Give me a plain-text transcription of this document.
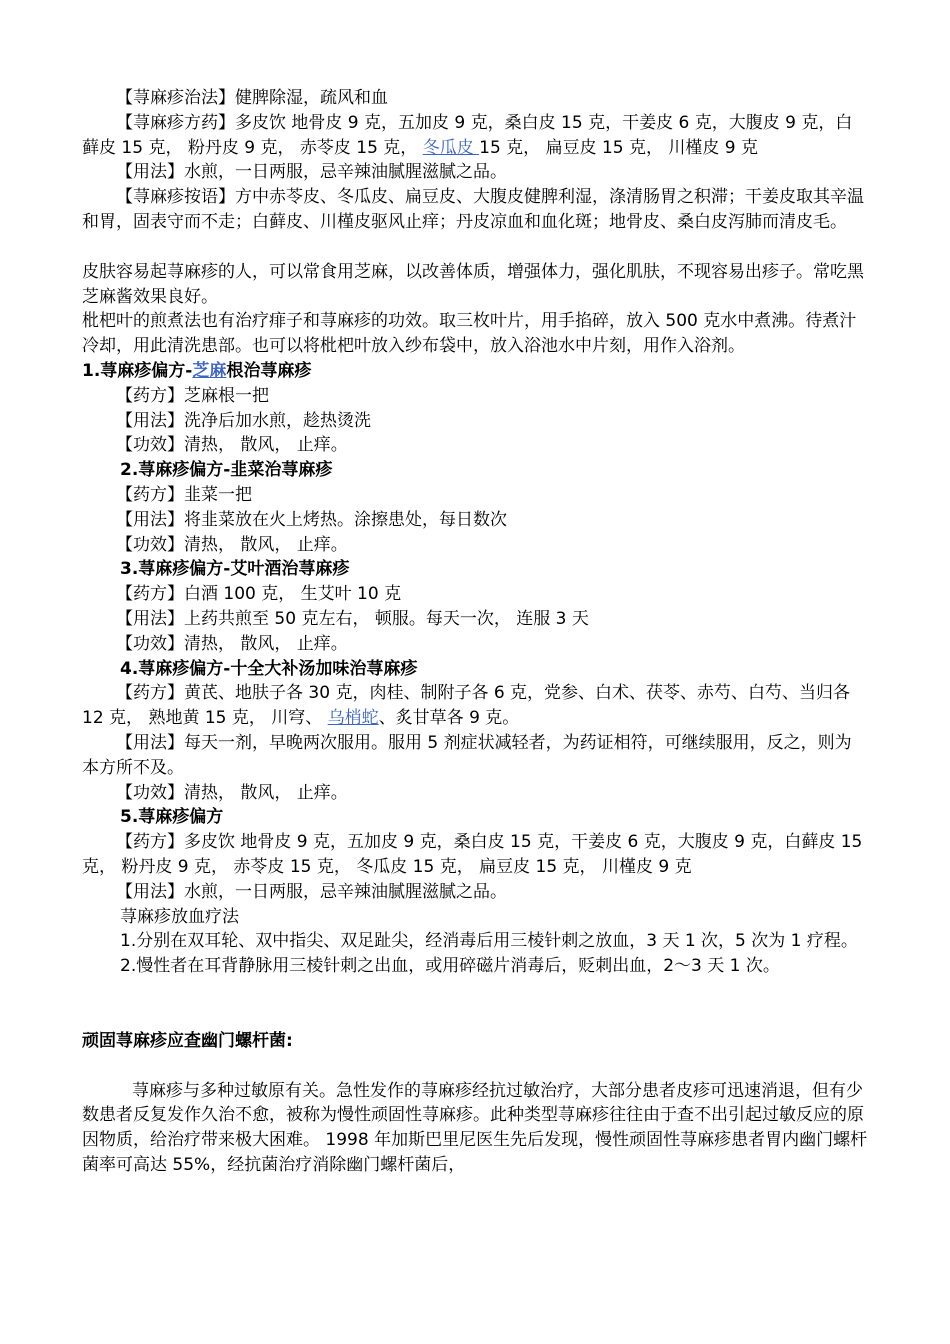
【荨麻疹治法】健脾除湿，疏风和血

【荨麻疹方药】多皮饮 地骨皮 9 克，五加皮 9 克，桑白皮 15 克，干姜皮 6 克，大腹皮 9 克，白藓皮 15 克， 粉丹皮 9 克， 赤苓皮 15 克， 冬瓜皮 15 克， 扁豆皮 15 克， 川槿皮 9 克

【用法】水煎，一日两服，忌辛辣油腻腥滋腻之品。

【荨麻疹按语】方中赤苓皮、冬瓜皮、扁豆皮、大腹皮健脾利湿，涤清肠胃之积滞；干姜皮取其辛温和胃，固表守而不走；白藓皮、川槿皮驱风止痒；丹皮凉血和血化斑；地骨皮、桑白皮泻肺而清皮毛。

皮肤容易起荨麻疹的人，可以常食用芝麻，以改善体质，增强体力，强化肌肤，不现容易出疹子。常吃黑芝麻酱效果良好。

枇杷叶的煎煮法也有治疗痱子和荨麻疹的功效。取三枚叶片，用手掐碎，放入 500 克水中煮沸。待煮汁冷却，用此清洗患部。也可以将枇杷叶放入纱布袋中，放入浴池水中片刻，用作入浴剂。

1.荨麻疹偏方-芝麻根治荨麻疹

【药方】芝麻根一把

【用法】洗净后加水煎，趁热烫洗

【功效】清热， 散风， 止痒。

2.荨麻疹偏方-韭菜治荨麻疹

【药方】韭菜一把

【用法】将韭菜放在火上烤热。涂擦患处，每日数次

【功效】清热， 散风， 止痒。

3.荨麻疹偏方-艾叶酒治荨麻疹

【药方】白酒 100 克， 生艾叶 10 克

【用法】上药共煎至 50 克左右， 顿服。每天一次， 连服 3 天

【功效】清热， 散风， 止痒。

4.荨麻疹偏方-十全大补汤加味治荨麻疹

【药方】黄芪、地肤子各 30 克，肉桂、制附子各 6 克，党参、白术、茯苓、赤芍、白芍、当归各 12 克， 熟地黄 15 克， 川穹、 乌梢蛇、炙甘草各 9 克。

【用法】每天一剂，早晚两次服用。服用 5 剂症状减轻者，为药证相符，可继续服用，反之，则为本方所不及。

【功效】清热， 散风， 止痒。

5.荨麻疹偏方

【药方】多皮饮 地骨皮 9 克，五加皮 9 克，桑白皮 15 克，干姜皮 6 克，大腹皮 9 克，白藓皮 15 克， 粉丹皮 9 克， 赤苓皮 15 克， 冬瓜皮 15 克， 扁豆皮 15 克， 川槿皮 9 克

【用法】水煎，一日两服，忌辛辣油腻腥滋腻之品。

荨麻疹放血疗法

1.分别在双耳轮、双中指尖、双足趾尖，经消毒后用三棱针刺之放血，3 天 1 次，5 次为 1 疗程。

2.慢性者在耳背静脉用三棱针刺之出血，或用碎磁片消毒后，贬刺出血，2～3 天 1 次。

顽固荨麻疹应查幽门螺杆菌:

荨麻疹与多种过敏原有关。急性发作的荨麻疹经抗过敏治疗，大部分患者皮疹可迅速消退，但有少数患者反复发作久治不愈，被称为慢性顽固性荨麻疹。此种类型荨麻疹往往由于查不出引起过敏反应的原因物质，给治疗带来极大困难。 1998 年加斯巴里尼医生先后发现，慢性顽固性荨麻疹患者胃内幽门螺杆菌率可高达 55%，经抗菌治疗消除幽门螺杆菌后，
